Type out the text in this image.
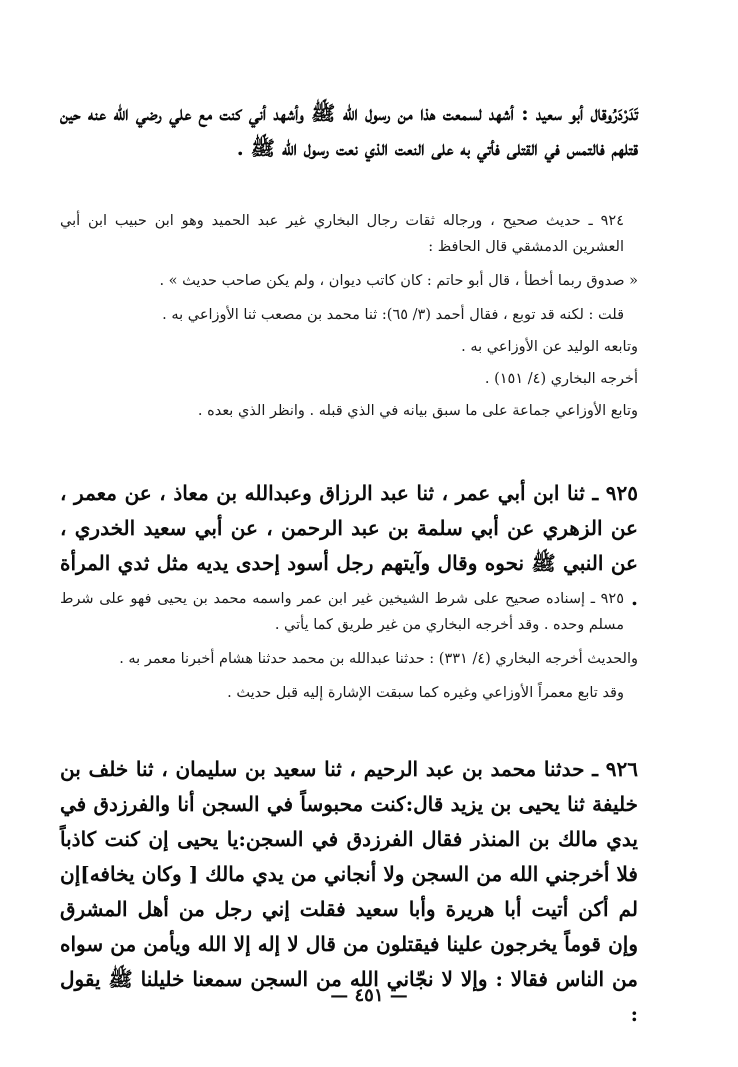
تَدَرْدَرُوقال أبو سعيد : أشهد لسمعت هذا من رسول الله ﷺ وأشهد أني كنت مع علي رضي الله عنه حين قتلهم فالتمس في القتلى فأتي به على النعت الذي نعت رسول الله ﷺ .

٩٢٤ ـ حديث صحيح ، ورجاله ثقات رجال البخاري غير عبد الحميد وهو ابن حبيب ابن أبي العشرين الدمشقي قال الحافظ :
« صدوق ربما أخطأ ، قال أبو حاتم : كان كاتب ديوان ، ولم يكن صاحب حديث » .
قلت : لكنه قد توبع ، فقال أحمد (٣/ ٦٥): ثنا محمد بن مصعب ثنا الأوزاعي به .
وتابعه الوليد عن الأوزاعي به .
أخرجه البخاري (٤/ ١٥١) .
وتابع الأوزاعي جماعة على ما سبق بيانه في الذي قبله . وانظر الذي بعده .

٩٢٥ ـ ثنا ابن أبي عمر ، ثنا عبد الرزاق وعبدالله بن معاذ ، عن معمر ، عن الزهري عن أبي سلمة بن عبد الرحمن ، عن أبي سعيد الخدري ، عن النبي ﷺ نحوه وقال وآيتهم رجل أسود إحدى يديه مثل ثدي المرأة .

٩٢٥ ـ إسناده صحيح على شرط الشيخين غير ابن عمر واسمه محمد بن يحيى فهو على شرط مسلم وحده . وقد أخرجه البخاري من غير طريق كما يأتي .
والحديث أخرجه البخاري (٤/ ٣٣١) : حدثنا عبدالله بن محمد حدثنا هشام أخبرنا معمر به .
وقد تابع معمراً الأوزاعي وغيره كما سبقت الإشارة إليه قبل حديث .

٩٢٦ ـ حدثنا محمد بن عبد الرحيم ، ثنا سعيد بن سليمان ، ثنا خلف بن خليفة ثنا يحيى بن يزيد قال:كنت محبوساً في السجن أنا والفرزدق في يدي مالك بن المنذر فقال الفرزدق في السجن:يا يحيى إن كنت كاذباً فلا أخرجني الله من السجن ولا أنجاني من يدي مالك [ وكان يخافه]إن لم أكن أتيت أبا هريرة وأبا سعيد فقلت إني رجل من أهل المشرق وإن قوماً يخرجون علينا فيقتلون من قال لا إله إلا الله ويأمن من سواه من الناس فقالا : وإلا لا نجّاني الله من السجن سمعنا خليلنا ﷺ يقول :

— ٤٥١ —
